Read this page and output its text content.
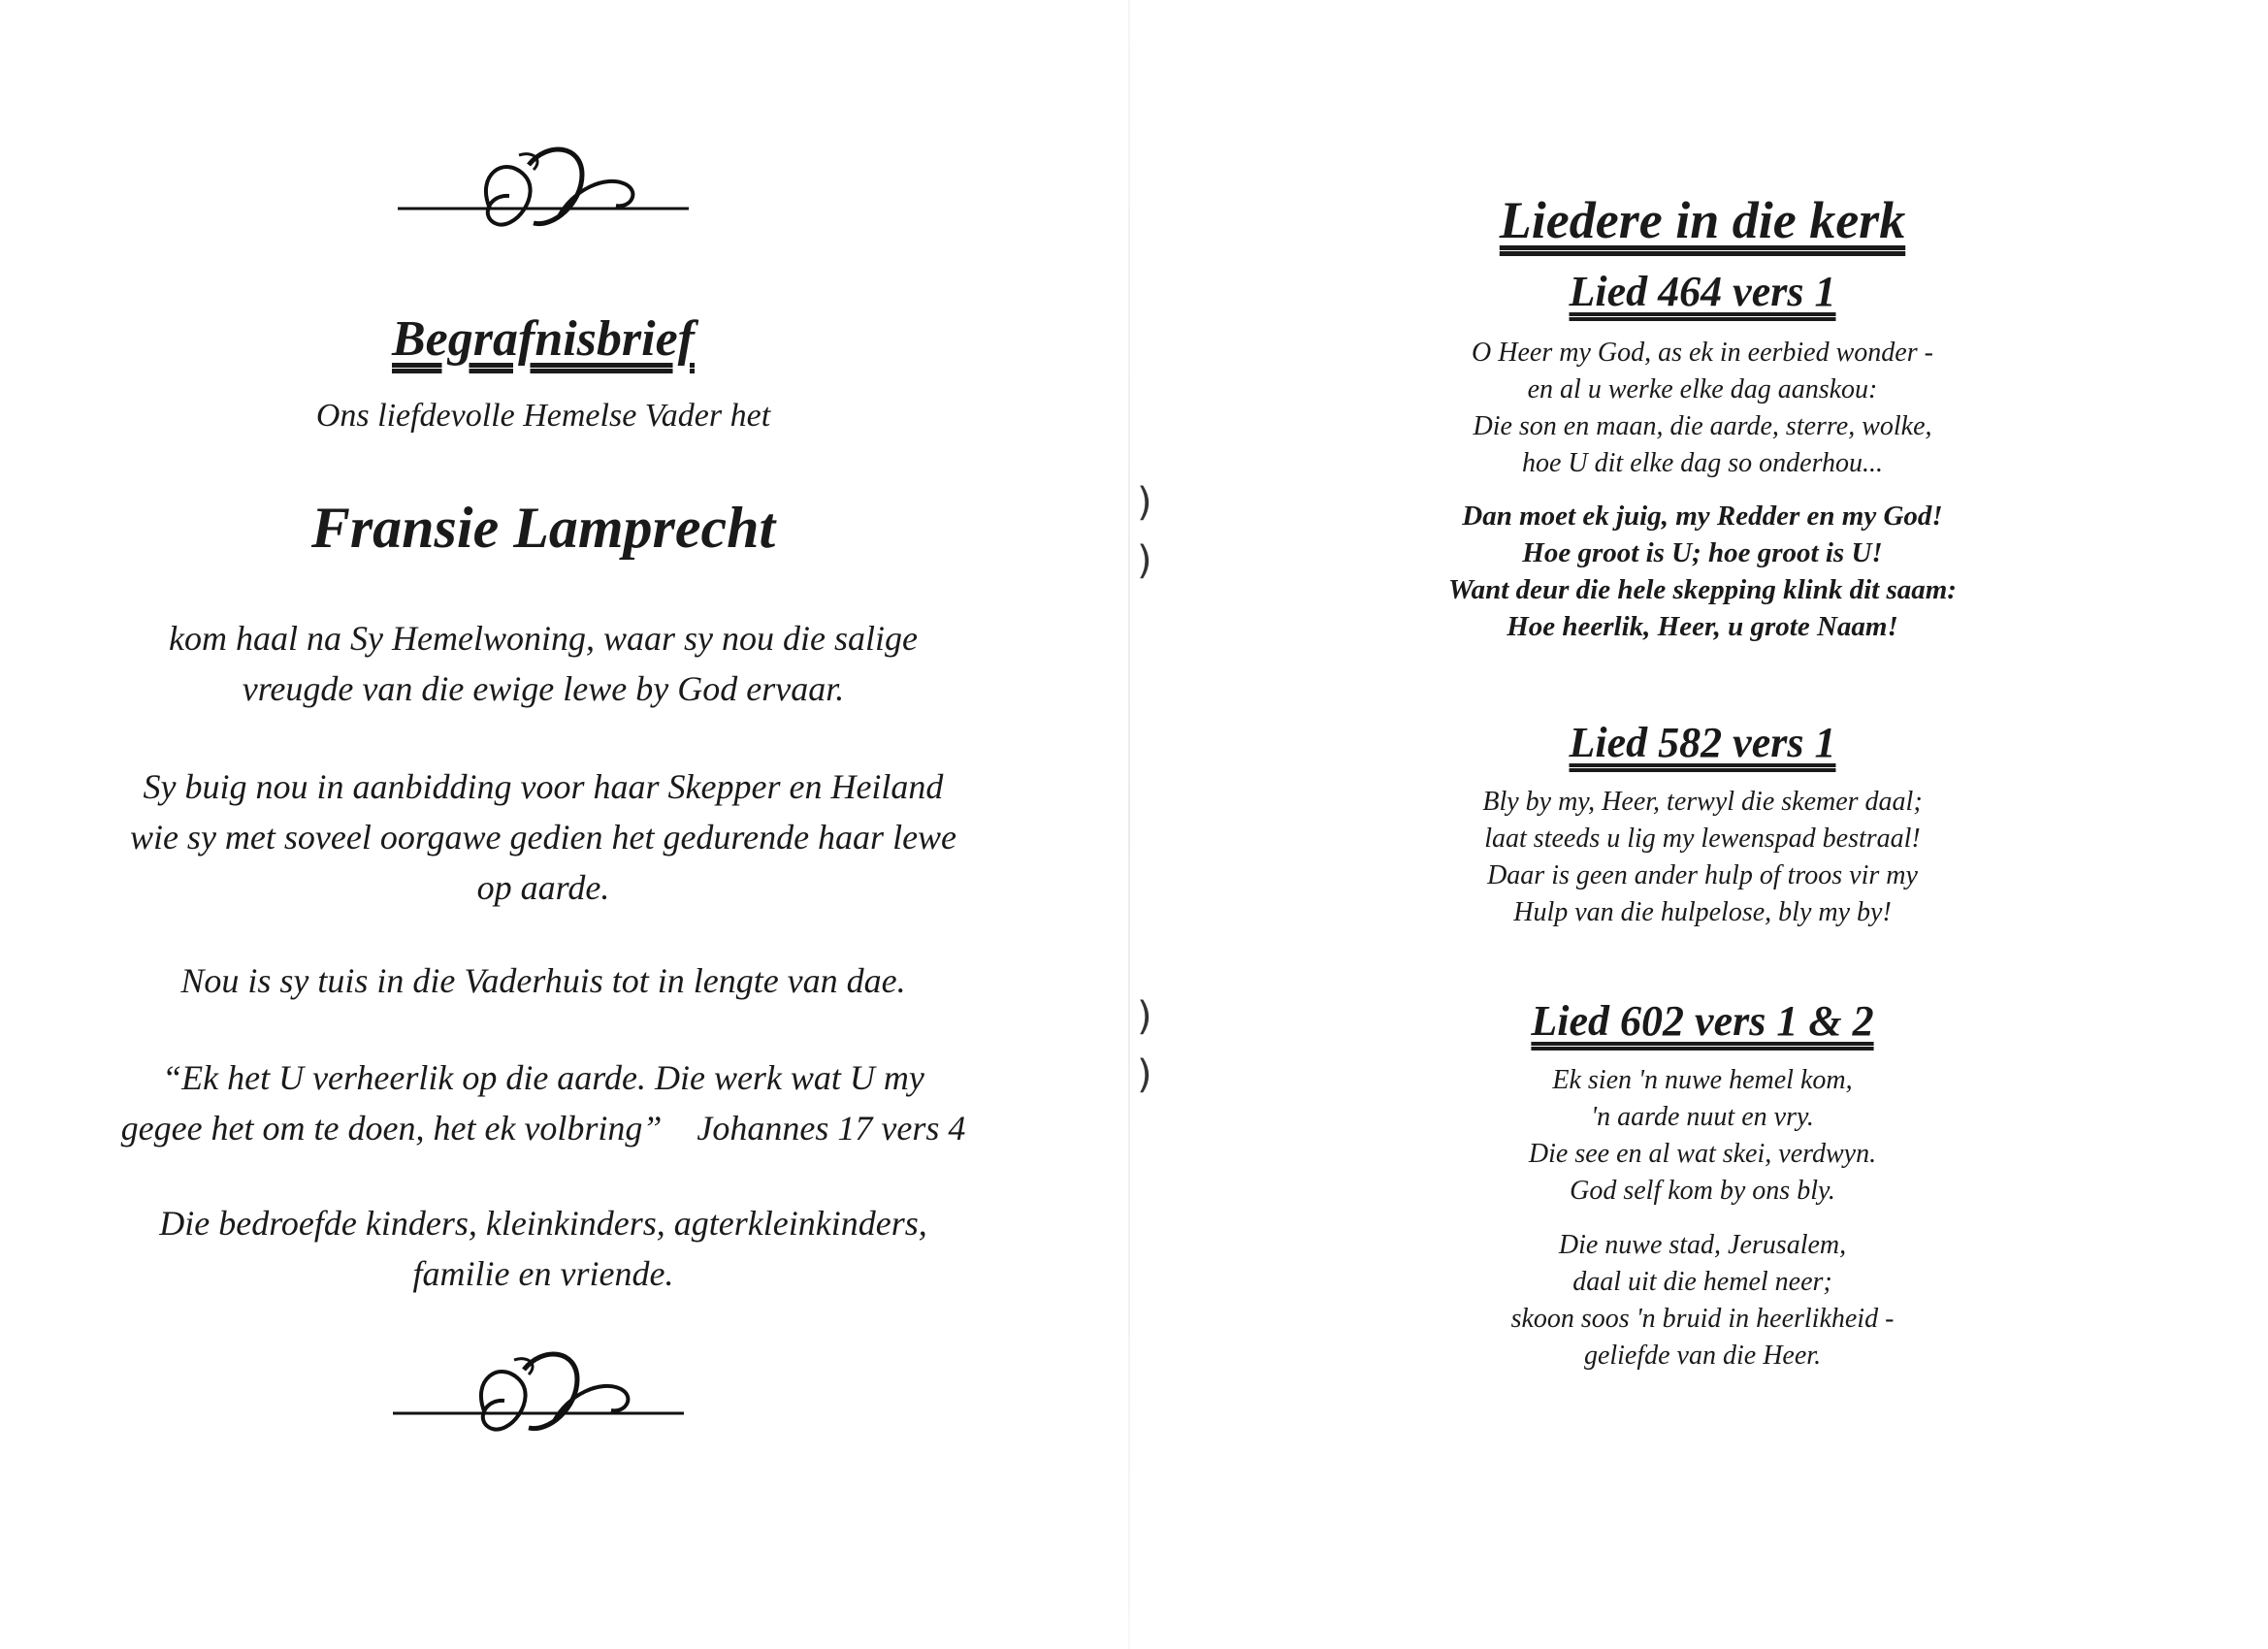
)
)
)
)
Begrafnisbrief
Ons liefdevolle Hemelse Vader het
Fransie Lamprecht
kom haal na Sy Hemelwoning, waar sy nou die salige
vreugde van die ewige lewe by God ervaar.
Sy buig nou in aanbidding voor haar Skepper en Heiland
wie sy met soveel oorgawe gedien het gedurende haar lewe
op aarde.
Nou is sy tuis in die Vaderhuis tot in lengte van dae.
“Ek het U verheerlik op die aarde. Die werk wat U my
gegee het om te doen, het ek volbring”    Johannes 17 vers 4
Die bedroefde kinders, kleinkinders, agterkleinkinders,
familie en vriende.
Liedere in die kerk
Lied 464 vers 1
O Heer my God, as ek in eerbied wonder -
en al u werke elke dag aanskou:
Die son en maan, die aarde, sterre, wolke,
hoe U dit elke dag so onderhou...
Dan moet ek juig, my Redder en my God!
Hoe groot is U; hoe groot is U!
Want deur die hele skepping klink dit saam:
Hoe heerlik, Heer, u grote Naam!
Lied 582 vers 1
Bly by my, Heer, terwyl die skemer daal;
laat steeds u lig my lewenspad bestraal!
Daar is geen ander hulp of troos vir my
Hulp van die hulpelose, bly my by!
Lied 602 vers 1 & 2
Ek sien 'n nuwe hemel kom,
'n aarde nuut en vry.
Die see en al wat skei, verdwyn.
God self kom by ons bly.
Die nuwe stad, Jerusalem,
daal uit die hemel neer;
skoon soos 'n bruid in heerlikheid -
geliefde van die Heer.
